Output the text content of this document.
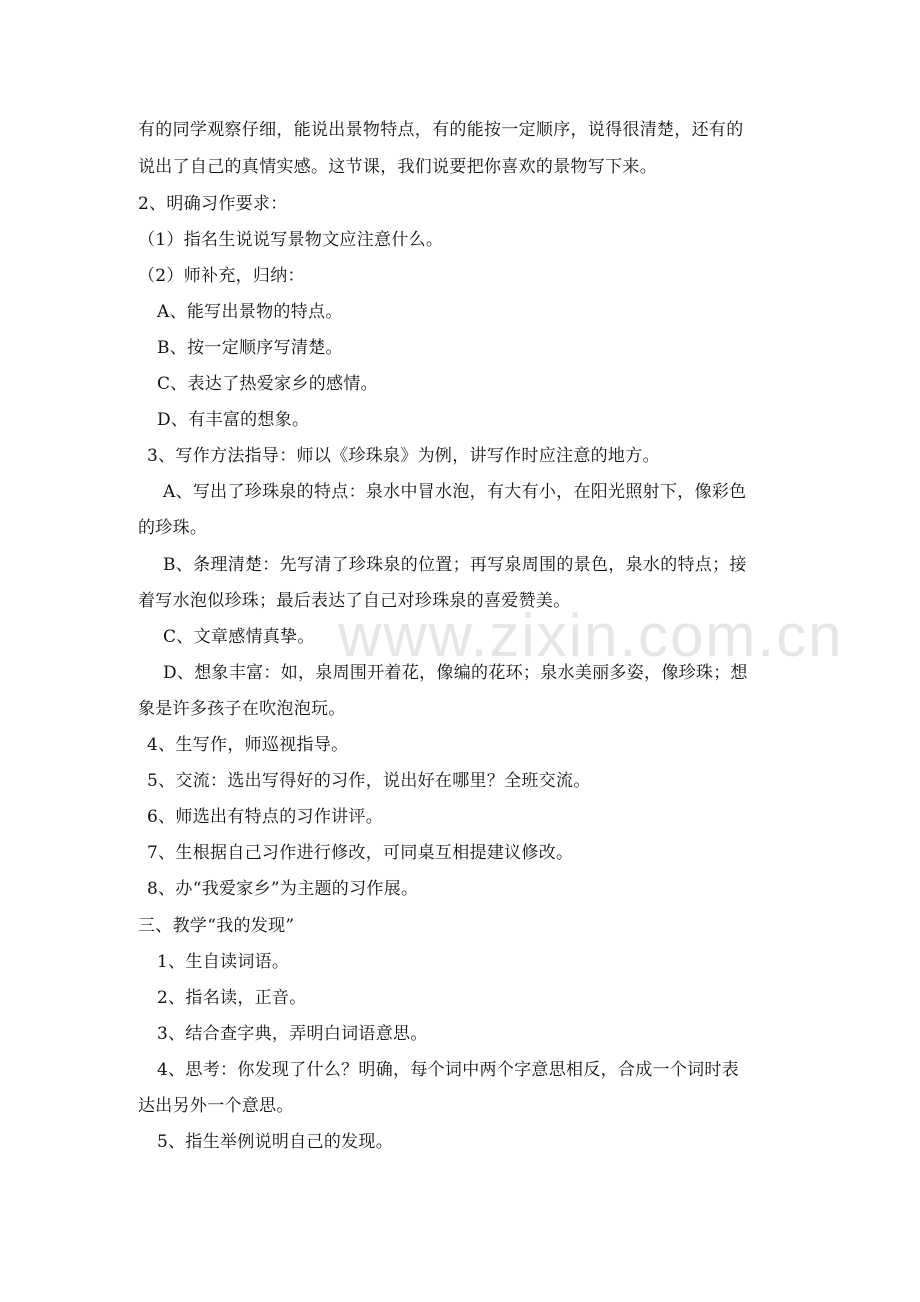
www.zixin.com.cn
有的同学观察仔细，能说出景物特点，有的能按一定顺序，说得很清楚，还有的
说出了自己的真情实感。这节课，我们说要把你喜欢的景物写下来。
2、明确习作要求：
（1）指名生说说写景物文应注意什么。
（2）师补充，归纳：
A、能写出景物的特点。
B、按一定顺序写清楚。
C、表达了热爱家乡的感情。
D、有丰富的想象。
3、写作方法指导：师以《珍珠泉》为例，讲写作时应注意的地方。
A、写出了珍珠泉的特点：泉水中冒水泡，有大有小，在阳光照射下，像彩色
的珍珠。
B、条理清楚：先写清了珍珠泉的位置；再写泉周围的景色，泉水的特点；接
着写水泡似珍珠；最后表达了自己对珍珠泉的喜爱赞美。
C、文章感情真挚。
D、想象丰富：如，泉周围开着花，像编的花环；泉水美丽多姿，像珍珠；想
象是许多孩子在吹泡泡玩。
4、生写作，师巡视指导。
5、交流：选出写得好的习作，说出好在哪里？全班交流。
6、师选出有特点的习作讲评。
7、生根据自己习作进行修改，可同桌互相提建议修改。
8、办“我爱家乡”为主题的习作展。
三、教学“我的发现”
1、生自读词语。
2、指名读，正音。
3、结合查字典，弄明白词语意思。
4、思考：你发现了什么？明确，每个词中两个字意思相反，合成一个词时表
达出另外一个意思。
5、指生举例说明自己的发现。
